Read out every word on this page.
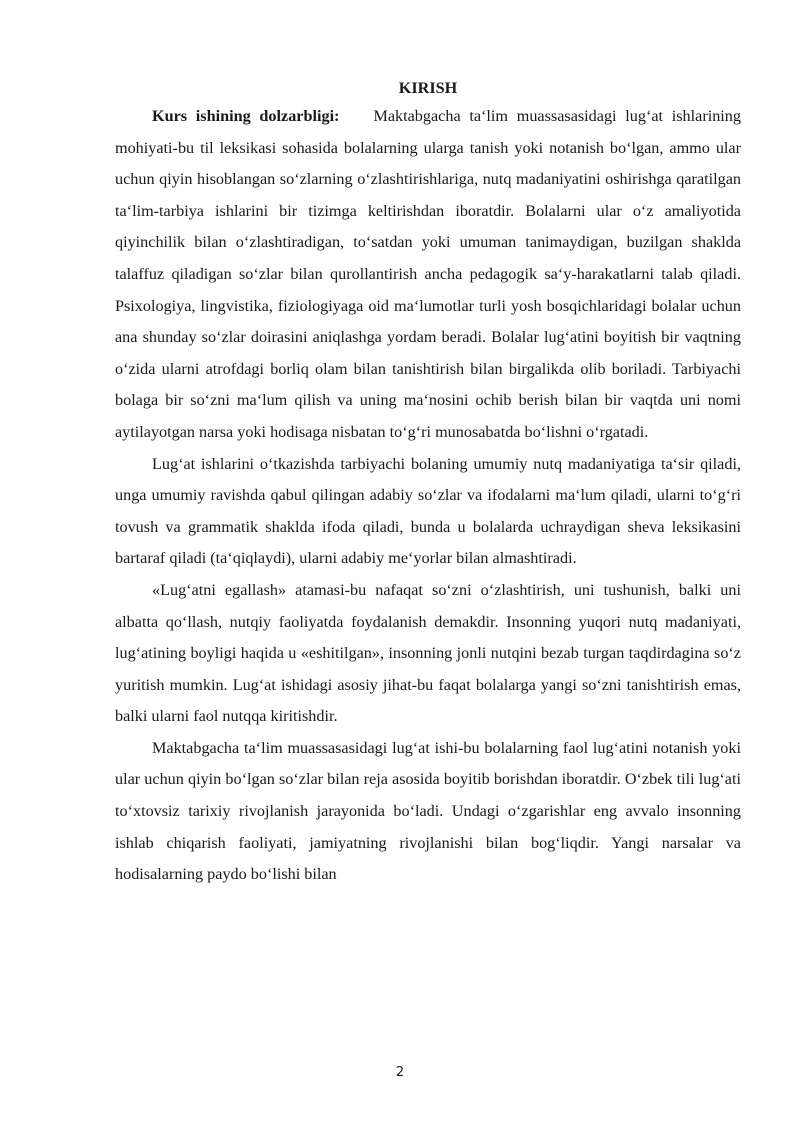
KIRISH

Kurs ishining dolzarbligi: Maktabgacha ta‘lim muassasasidagi lug‘at ishlarining mohiyati-bu til leksikasi sohasida bolalarning ularga tanish yoki notanish bo‘lgan, ammo ular uchun qiyin hisoblangan so‘zlarning o‘zlashtirishlariga, nutq madaniyatini oshirishga qaratilgan ta‘lim-tarbiya ishlarini bir tizimga keltirishdan iboratdir. Bolalarni ular o‘z amaliyotida qiyinchilik bilan o‘zlashtiradigan, to‘satdan yoki umuman tanimaydigan, buzilgan shaklda talaffuz qiladigan so‘zlar bilan qurollantirish ancha pedagogik sa‘y-harakatlarni talab qiladi. Psixologiya, lingvistika, fiziologiyaga oid ma‘lumotlar turli yosh bosqichlaridagi bolalar uchun ana shunday so‘zlar doirasini aniqlashga yordam beradi. Bolalar lug‘atini boyitish bir vaqtning o‘zida ularni atrofdagi borliq olam bilan tanishtirish bilan birgalikda olib boriladi. Tarbiyachi bolaga bir so‘zni ma‘lum qilish va uning ma‘nosini ochib berish bilan bir vaqtda uni nomi aytilayotgan narsa yoki hodisaga nisbatan to‘g‘ri munosabatda bo‘lishni o‘rgatadi.

Lug‘at ishlarini o‘tkazishda tarbiyachi bolaning umumiy nutq madaniyatiga ta‘sir qiladi, unga umumiy ravishda qabul qilingan adabiy so‘zlar va ifodalarni ma‘lum qiladi, ularni to‘g‘ri tovush va grammatik shaklda ifoda qiladi, bunda u bolalarda uchraydigan sheva leksikasini bartaraf qiladi (ta‘qiqlaydi), ularni adabiy me‘yorlar bilan almashtiradi.

«Lug‘atni egallash» atamasi-bu nafaqat so‘zni o‘zlashtirish, uni tushunish, balki uni albatta qo‘llash, nutqiy faoliyatda foydalanish demakdir. Insonning yuqori nutq madaniyati, lug‘atining boyligi haqida u «eshitilgan», insonning jonli nutqini bezab turgan taqdirdagina so‘z yuritish mumkin. Lug‘at ishidagi asosiy jihat-bu faqat bolalarga yangi so‘zni tanishtirish emas, balki ularni faol nutqqa kiritishdir.

Maktabgacha ta‘lim muassasasidagi lug‘at ishi-bu bolalarning faol lug‘atini notanish yoki ular uchun qiyin bo‘lgan so‘zlar bilan reja asosida boyitib borishdan iboratdir. O‘zbek tili lug‘ati to‘xtovsiz tarixiy rivojlanish jarayonida bo‘ladi. Undagi o‘zgarishlar eng avvalo insonning ishlab chiqarish faoliyati, jamiyatning rivojlanishi bilan bog‘liqdir. Yangi narsalar va hodisalarning paydo bo‘lishi bilan

2
